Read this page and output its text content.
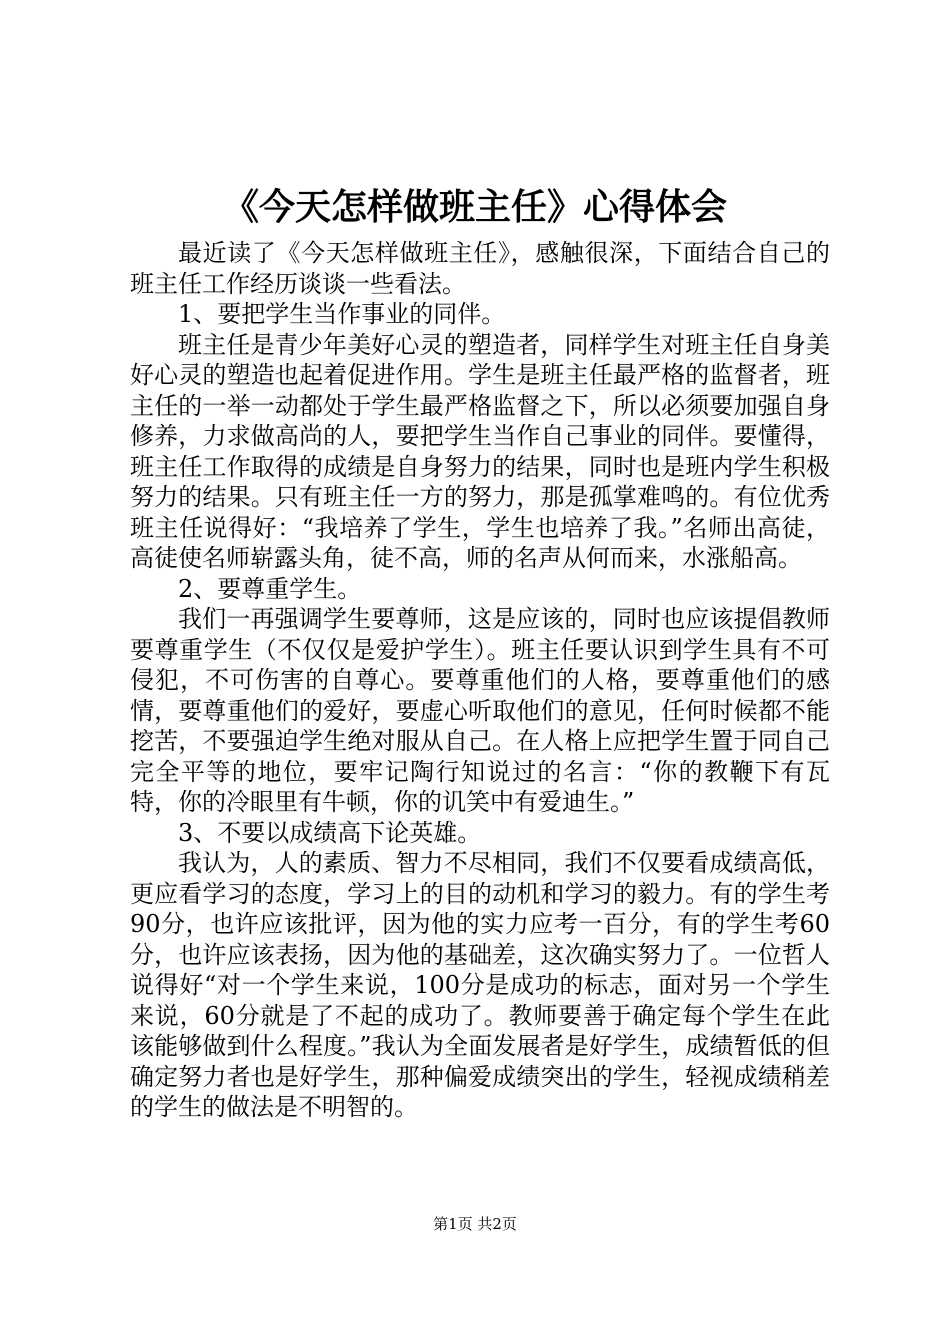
《今天怎样做班主任》心得体会

最近读了《今天怎样做班主任》，感触很深，下面结合自己的班主任工作经历谈谈一些看法。

1、要把学生当作事业的同伴。

班主任是青少年美好心灵的塑造者，同样学生对班主任自身美好心灵的塑造也起着促进作用。学生是班主任最严格的监督者，班主任的一举一动都处于学生最严格监督之下，所以必须要加强自身修养，力求做高尚的人，要把学生当作自己事业的同伴。要懂得，班主任工作取得的成绩是自身努力的结果，同时也是班内学生积极努力的结果。只有班主任一方的努力，那是孤掌难鸣的。有位优秀班主任说得好：“我培养了学生，学生也培养了我。”名师出高徒，高徒使名师崭露头角，徒不高，师的名声从何而来，水涨船高。

2、要尊重学生。

我们一再强调学生要尊师，这是应该的，同时也应该提倡教师要尊重学生（不仅仅是爱护学生）。班主任要认识到学生具有不可侵犯，不可伤害的自尊心。要尊重他们的人格，要尊重他们的感情，要尊重他们的爱好，要虚心听取他们的意见，任何时候都不能挖苦，不要强迫学生绝对服从自己。在人格上应把学生置于同自己完全平等的地位，要牢记陶行知说过的名言：“你的教鞭下有瓦特，你的冷眼里有牛顿，你的讥笑中有爱迪生。”

3、不要以成绩高下论英雄。

我认为，人的素质、智力不尽相同，我们不仅要看成绩高低，更应看学习的态度，学习上的目的动机和学习的毅力。有的学生考90分，也许应该批评，因为他的实力应考一百分，有的学生考60分，也许应该表扬，因为他的基础差，这次确实努力了。一位哲人说得好“对一个学生来说，100分是成功的标志，面对另一个学生来说，60分就是了不起的成功了。教师要善于确定每个学生在此该能够做到什么程度。”我认为全面发展者是好学生，成绩暂低的但确定努力者也是好学生，那种偏爱成绩突出的学生，轻视成绩稍差的学生的做法是不明智的。

第1页 共2页
